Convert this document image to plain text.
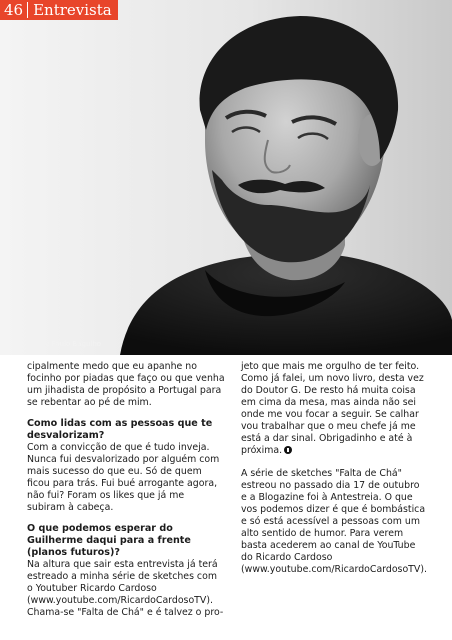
46 Entrevista
Fotos: Paulo Bagulho

cipalmente medo que eu apanhe no focinho por piadas que faço ou que venha um jihadista de propósito a Portugal para se rebentar ao pé de mim.

Como lidas com as pessoas que te desvalorizam?

Com a convicção de que é tudo inveja. Nunca fui desvalorizado por alguém com mais sucesso do que eu. Só de quem ficou para trás. Fui bué arrogante agora, não fui? Foram os likes que já me subiram à cabeça.

O que podemos esperar do Guilherme daqui para a frente (planos futuros)?

Na altura que sair esta entrevista já terá estreado a minha série de sketches com o Youtuber Ricardo Cardoso (www.youtube.com/RicardoCardosoTV). Chama-se "Falta de Chá" e é talvez o pro-

jeto que mais me orgulho de ter feito. Como já falei, um novo livro, desta vez do Doutor G. De resto há muita coisa em cima da mesa, mas ainda não sei onde me vou focar a seguir. Se calhar vou trabalhar que o meu chefe já me está a dar sinal. Obrigadinho e até à próxima.

A série de sketches "Falta de Chá" estreou no passado dia 17 de outubro e a Blogazine foi à Antestreia. O que vos podemos dizer é que é bombástica e só está acessível a pessoas com um alto sentido de humor. Para verem basta acederem ao canal de YouTube do Ricardo Cardoso (www.youtube.com/RicardoCardosoTV).
